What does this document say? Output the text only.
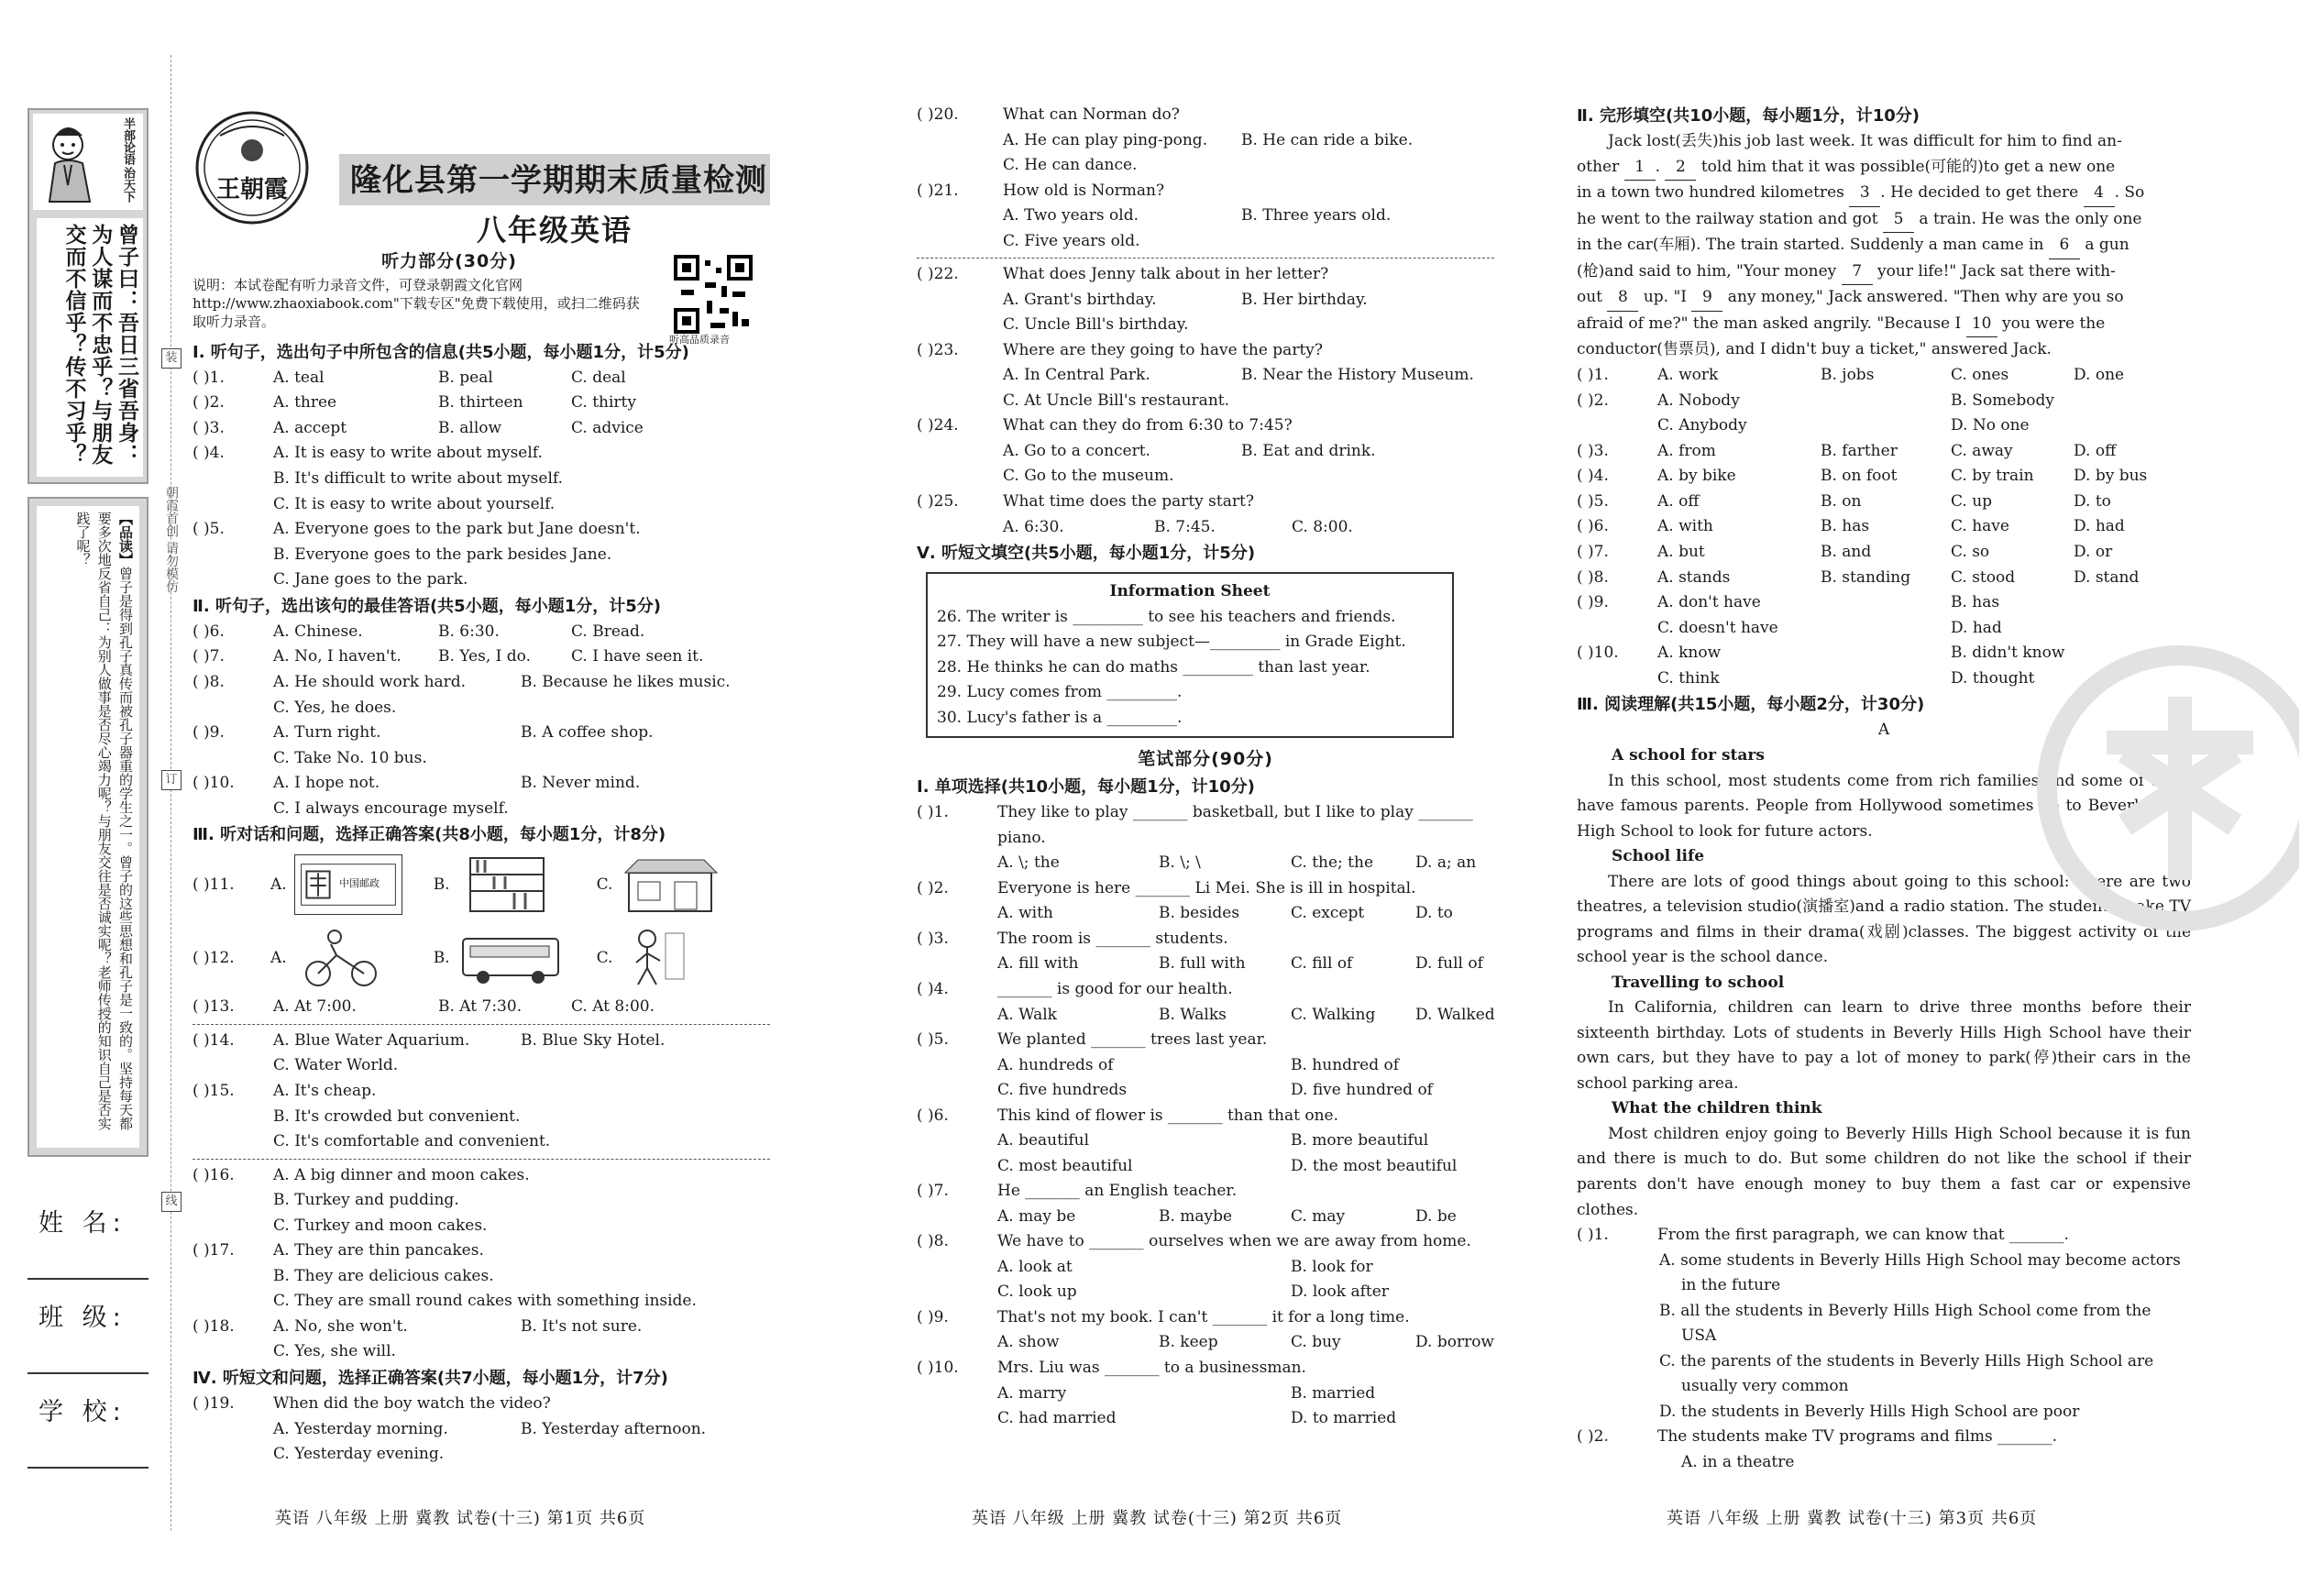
半部论语
治天下
曾子曰：吾日三省吾身：为人谋而不忠乎？与朋友交而不信乎？传不习乎？
【品读】曾子是得到孔子真传而被孔子器重的学生之一。曾子的这些思想和孔子是一致的。坚持每天都要多次地反省自己：为别人做事是否尽心竭力呢？与朋友交往是否诚实呢？老师传授的知识自己是否实践了呢？
姓 名:
班 级:
学 校:
装
订
线
朝霞首创 请勿模仿
王朝霞 隆化县第一学期期末质量检测
八年级英语
听高品质录音
听力部分(30分)
说明：本试卷配有听力录音文件，可登录朝霞文化官网http://www.zhaoxiabook.com"下载专区"免费下载使用，或扫二维码获取听力录音。
Ⅰ. 听句子，选出句子中所包含的信息(共5小题，每小题1分，计5分)
( )1.	A. teal	B. peal	C. deal
( )2.	A. three	B. thirteen	C. thirty
( )3.	A. accept	B. allow	C. advice
( )4.	A. It is easy to write about myself.
B. It's difficult to write about myself.
C. It is easy to write about yourself.
( )5.	A. Everyone goes to the park but Jane doesn't.
B. Everyone goes to the park besides Jane.
C. Jane goes to the park.
Ⅱ. 听句子，选出该句的最佳答语(共5小题，每小题1分，计5分)
( )6.	A. Chinese.	B. 6:30.	C. Bread.
( )7.	A. No, I haven't.	B. Yes, I do.	C. I have seen it.
( )8.	A. He should work hard.	B. Because he likes music.
C. Yes, he does.
( )9.	A. Turn right.	B. A coffee shop.
C. Take No. 10 bus.
( )10. A. I hope not.	B. Never mind.
C. I always encourage myself.
Ⅲ. 听对话和问题，选择正确答案(共8小题，每小题1分，计8分)
( )11.	A.	中国邮政	B.	C.
( )12.	A.	B.	C.
( )13. A. At 7:00.	B. At 7:30.	C. At 8:00.
( )14. A. Blue Water Aquarium.	B. Blue Sky Hotel.
C. Water World.
( )15. A. It's cheap.
B. It's crowded but convenient.
C. It's comfortable and convenient.
( )16. A. A big dinner and moon cakes.
B. Turkey and pudding.
C. Turkey and moon cakes.
( )17. A. They are thin pancakes.
B. They are delicious cakes.
C. They are small round cakes with something inside.
( )18. A. No, she won't.	B. It's not sure.
C. Yes, she will.
Ⅳ. 听短文和问题，选择正确答案(共7小题，每小题1分，计7分)
( )19.	When did the boy watch the video?
A. Yesterday morning.	B. Yesterday afternoon.
C. Yesterday evening.
( )20.	What can Norman do?
A. He can play ping-pong.	B. He can ride a bike.
C. He can dance.
( )21.	How old is Norman?
A. Two years old.	B. Three years old.
C. Five years old.
( )22.	What does Jenny talk about in her letter?
A. Grant's birthday.	B. Her birthday.
C. Uncle Bill's birthday.
( )23.	Where are they going to have the party?
A. In Central Park.	B. Near the History Museum.
C. At Uncle Bill's restaurant.
( )24.	What can they do from 6:30 to 7:45?
A. Go to a concert.	B. Eat and drink.
C. Go to the museum.
( )25.	What time does the party start?
A. 6:30.	B. 7:45.	C. 8:00.
Ⅴ. 听短文填空(共5小题，每小题1分，计5分)
Information Sheet
26. The writer is _________ to see his teachers and friends.
27. They will have a new subject—_________ in Grade Eight.
28. He thinks he can do maths _________ than last year.
29. Lucy comes from _________.
30. Lucy's father is a _________.
笔试部分(90分)
Ⅰ. 单项选择(共10小题，每小题1分，计10分)
( )1.	They like to play _______ basketball, but I like to play _______ piano.
A. \; the	B. \; \	C. the; the	D. a; an
( )2.	Everyone is here _______ Li Mei. She is ill in hospital.
A. with	B. besides	C. except	D. to
( )3.	The room is _______ students.
A. fill with	B. full with	C. fill of	D. full of
( )4.	_______ is good for our health.
A. Walk	B. Walks	C. Walking	D. Walked
( )5.	We planted _______ trees last year.
A. hundreds of	B. hundred of
C. five hundreds	D. five hundred of
( )6.	This kind of flower is _______ than that one.
A. beautiful	B. more beautiful
C. most beautiful	D. the most beautiful
( )7.	He _______ an English teacher.
A. may be	B. maybe	C. may	D. be
( )8.	We have to _______ ourselves when we are away from home.
A. look at	B. look for
C. look up	D. look after
( )9.	That's not my book. I can't _______ it for a long time.
A. show	B. keep	C. buy	D. borrow
( )10.	Mrs. Liu was _______ to a businessman.
A. marry	B. married
C. had married	D. to married
Ⅱ. 完形填空(共10小题，每小题1分，计10分)
Jack lost(丢失)his job last week. It was difficult for him to find an-
other 1 . 2 told him that it was possible(可能的)to get a new one
in a town two hundred kilometres 3 . He decided to get there 4 . So
he went to the railway station and got 5 a train. He was the only one
in the car(车厢). The train started. Suddenly a man came in 6 a gun
(枪)and said to him, "Your money 7 your life!" Jack sat there with-
out 8 up. "I 9 any money," Jack answered. "Then why are you so
afraid of me?" the man asked angrily. "Because I 10 you were the
conductor(售票员), and I didn't buy a ticket," answered Jack.
( )1.	A. work	B. jobs	C. ones	D. one
( )2.	A. Nobody	B. Somebody
C. Anybody	D. No one
( )3.	A. from	B. farther	C. away	D. off
( )4.	A. by bike	B. on foot	C. by train	D. by bus
( )5.	A. off	B. on	C. up	D. to
( )6.	A. with	B. has	C. have	D. had
( )7.	A. but	B. and	C. so	D. or
( )8.	A. stands	B. standing	C. stood	D. stand
( )9.	A. don't have	B. has
C. doesn't have	D. had
( )10. A. know	B. didn't know
C. think	D. thought
Ⅲ. 阅读理解(共15小题，每小题2分，计30分)
A
A school for stars
In this school, most students come from rich families and some of them have famous parents. People from Hollywood sometimes go to Beverly Hills High School to look for future actors.
School life
There are lots of good things about going to this school: There are two theatres, a television studio(演播室)and a radio station. The students make TV programs and films in their drama(戏剧)classes. The biggest activity of the school year is the school dance.
Travelling to school
In California, children can learn to drive three months before their sixteenth birthday. Lots of students in Beverly Hills High School have their own cars, but they have to pay a lot of money to park(停)their cars in the school parking area.
What the children think
Most children enjoy going to Beverly Hills High School because it is fun and there is much to do. But some children do not like the school if their parents don't have enough money to buy them a fast car or expensive clothes.
( )1.	From the first paragraph, we can know that _______.
A. some students in Beverly Hills High School may become actors in the future
B. all the students in Beverly Hills High School come from the USA
C. the parents of the students in Beverly Hills High School are usually very common
D. the students in Beverly Hills High School are poor
( )2.	The students make TV programs and films _______.
A. in a theatre
英语 八年级 上册 冀教 试卷(十三) 第1页 共6页	英语 八年级 上册 冀教 试卷(十三) 第2页 共6页	英语 八年级 上册 冀教 试卷(十三) 第3页 共6页
